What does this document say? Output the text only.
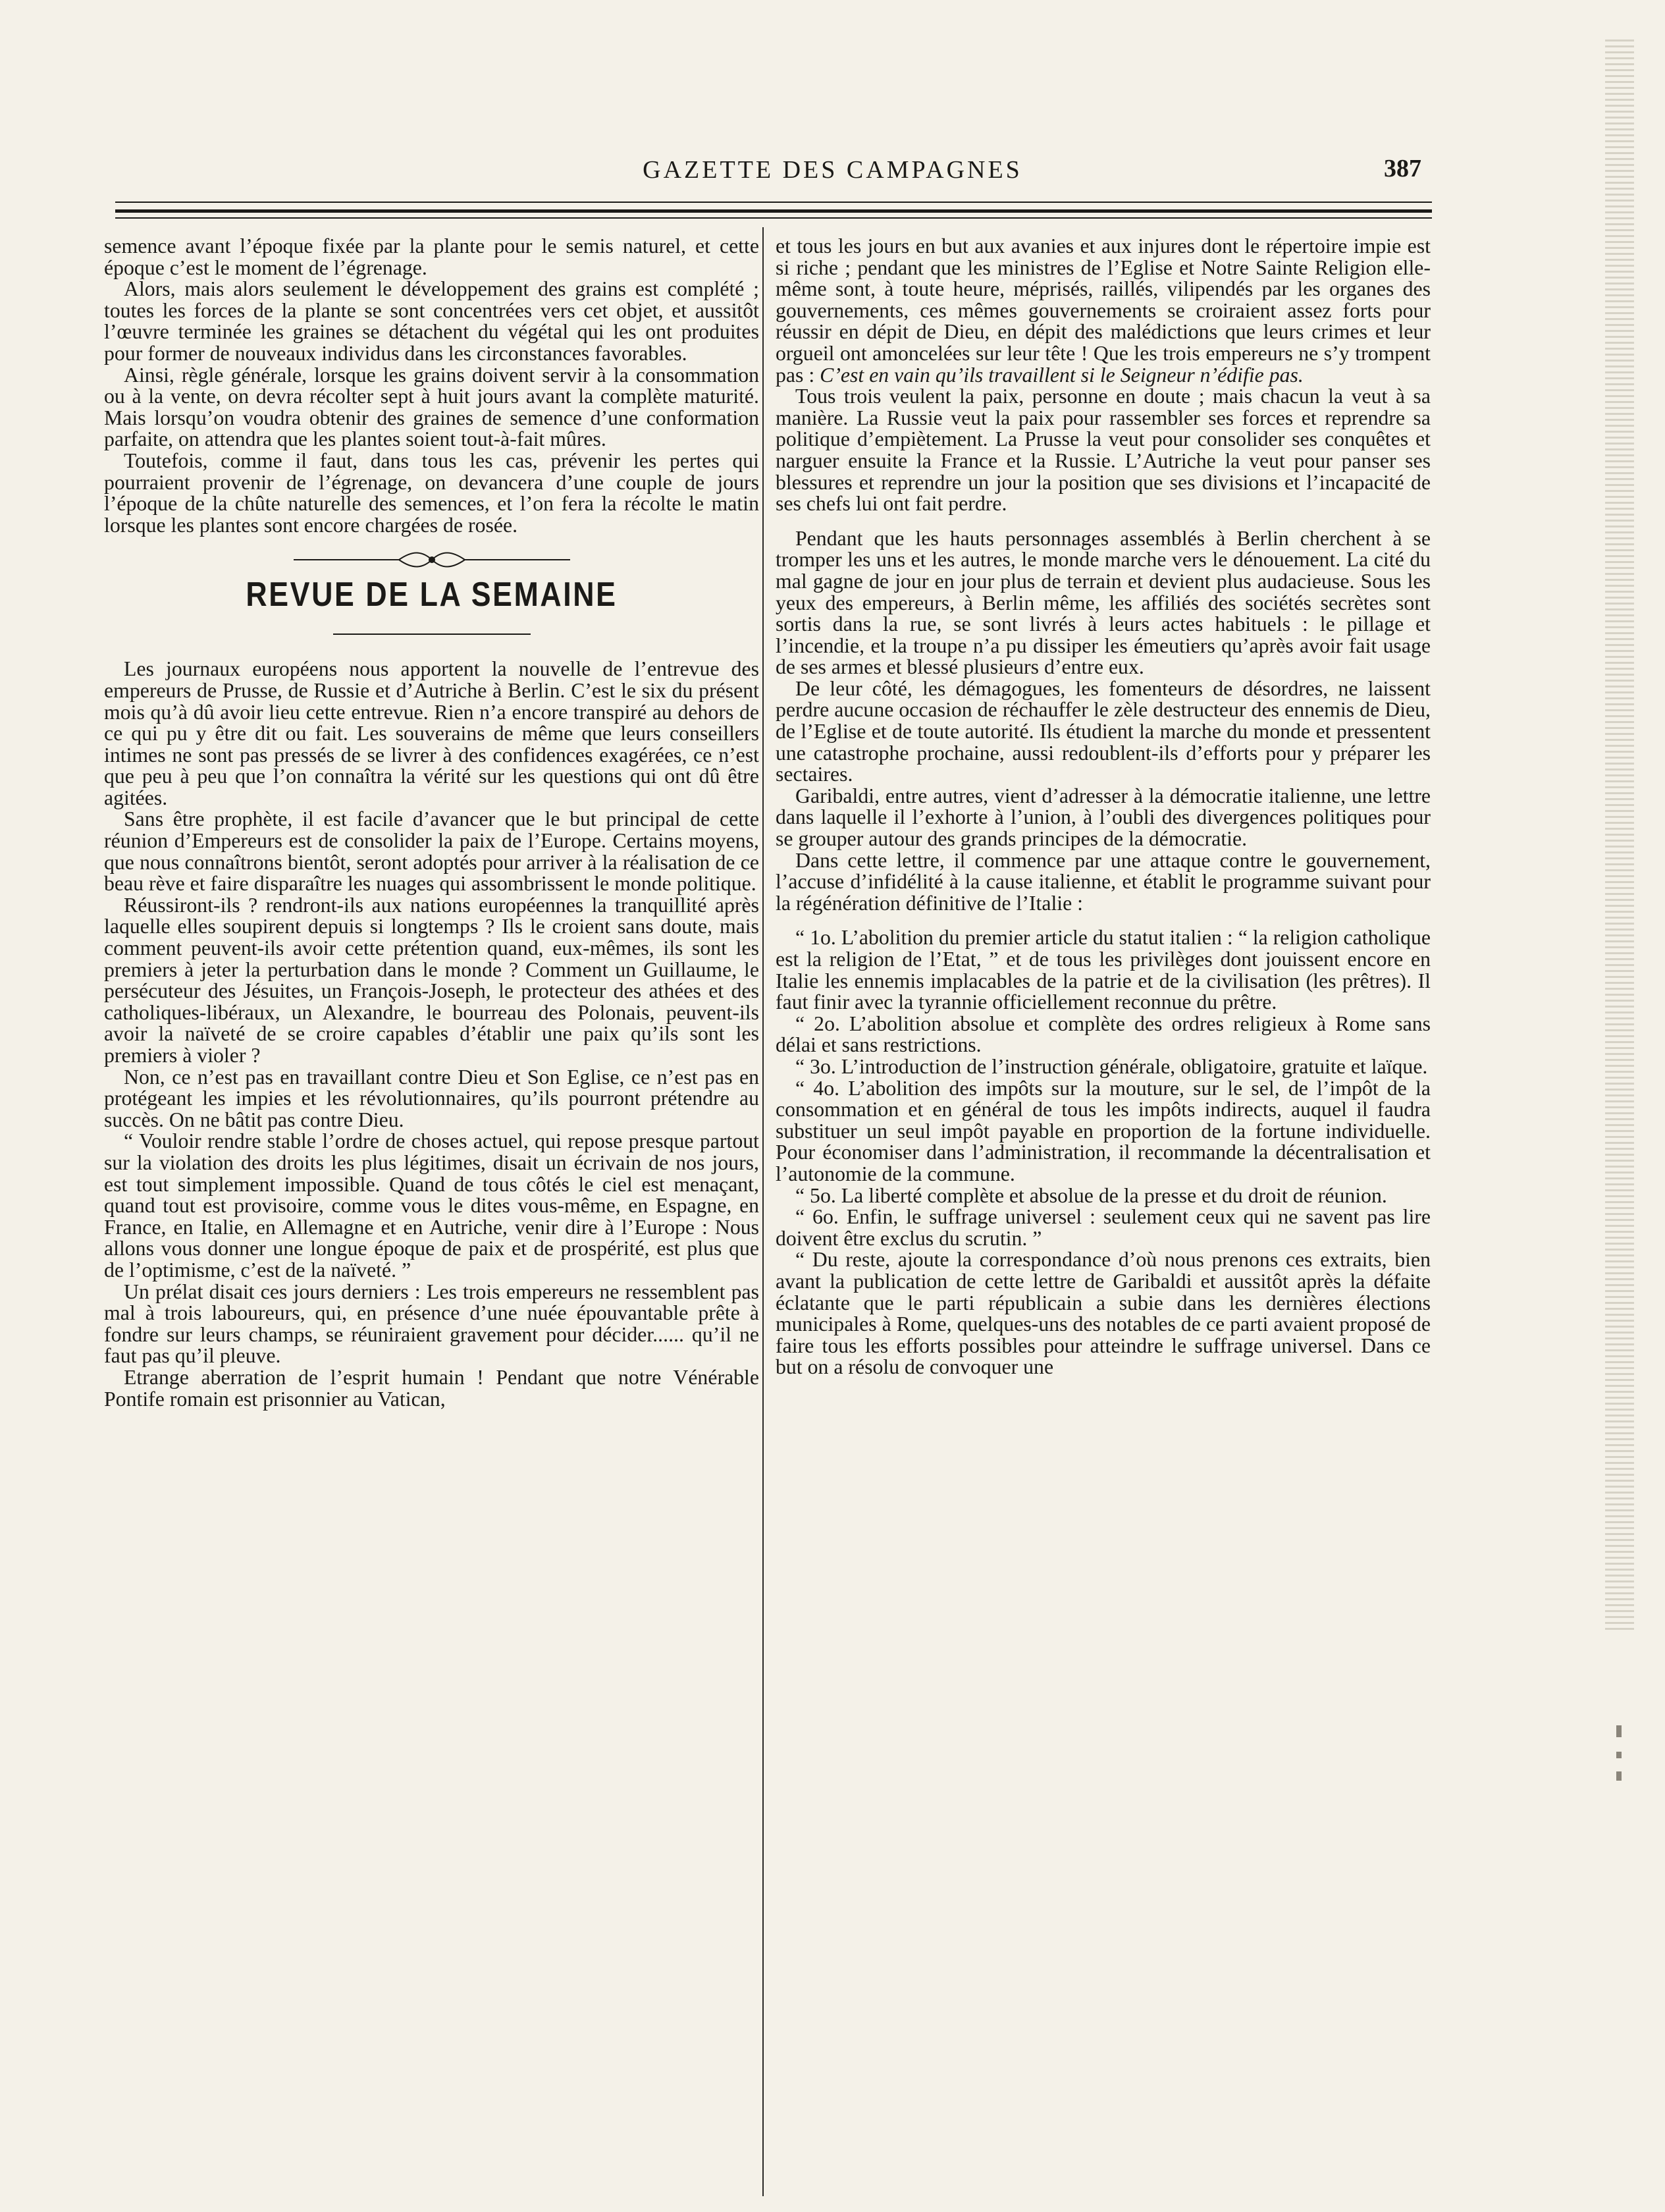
GAZETTE DES CAMPAGNES	387

semence avant l’époque fixée par la plante pour le semis naturel, et cette époque c’est le moment de l’égrenage.

Alors, mais alors seulement le développement des grains est complété ; toutes les forces de la plante se sont concentrées vers cet objet, et aussitôt l’œuvre terminée les graines se détachent du végétal qui les ont produites pour former de nouveaux individus dans les circonstances favorables.

Ainsi, règle générale, lorsque les grains doivent servir à la consommation ou à la vente, on devra récolter sept à huit jours avant la complète maturité. Mais lorsqu’on voudra obtenir des graines de semence d’une conformation parfaite, on attendra que les plantes soient tout-à-fait mûres.

Toutefois, comme il faut, dans tous les cas, prévenir les pertes qui pourraient provenir de l’égrenage, on devancera d’une couple de jours l’époque de la chûte naturelle des semences, et l’on fera la récolte le matin lorsque les plantes sont encore chargées de rosée.

REVUE DE LA SEMAINE

Les journaux européens nous apportent la nouvelle de l’entrevue des empereurs de Prusse, de Russie et d’Autriche à Berlin. C’est le six du présent mois qu’à dû avoir lieu cette entrevue. Rien n’a encore transpiré au dehors de ce qui pu y être dit ou fait. Les souverains de même que leurs conseillers intimes ne sont pas pressés de se livrer à des confidences exagérées, ce n’est que peu à peu que l’on connaîtra la vérité sur les questions qui ont dû être agitées.

Sans être prophète, il est facile d’avancer que le but principal de cette réunion d’Empereurs est de consolider la paix de l’Europe. Certains moyens, que nous connaîtrons bientôt, seront adoptés pour arriver à la réalisation de ce beau rève et faire disparaître les nuages qui assombrissent le monde politique.

Réussiront-ils ? rendront-ils aux nations européennes la tranquillité après laquelle elles soupirent depuis si longtemps ? Ils le croient sans doute, mais comment peuvent-ils avoir cette prétention quand, eux-mêmes, ils sont les premiers à jeter la perturbation dans le monde ? Comment un Guillaume, le persécuteur des Jésuites, un François-Joseph, le protecteur des athées et des catholiques-libéraux, un Alexandre, le bourreau des Polonais, peuvent-ils avoir la naïveté de se croire capables d’établir une paix qu’ils sont les premiers à violer ?

Non, ce n’est pas en travaillant contre Dieu et Son Eglise, ce n’est pas en protégeant les impies et les révolutionnaires, qu’ils pourront prétendre au succès. On ne bâtit pas contre Dieu.

“ Vouloir rendre stable l’ordre de choses actuel, qui repose presque partout sur la violation des droits les plus légitimes, disait un écrivain de nos jours, est tout simplement impossible. Quand de tous côtés le ciel est menaçant, quand tout est provisoire, comme vous le dites vous-même, en Espagne, en France, en Italie, en Allemagne et en Autriche, venir dire à l’Europe : Nous allons vous donner une longue époque de paix et de prospérité, est plus que de l’optimisme, c’est de la naïveté. ”

Un prélat disait ces jours derniers : Les trois empereurs ne ressemblent pas mal à trois laboureurs, qui, en présence d’une nuée épouvantable prête à fondre sur leurs champs, se réuniraient gravement pour décider...... qu’il ne faut pas qu’il pleuve.

Etrange aberration de l’esprit humain ! Pendant que notre Vénérable Pontife romain est prisonnier au Vatican,

et tous les jours en but aux avanies et aux injures dont le répertoire impie est si riche ; pendant que les ministres de l’Eglise et Notre Sainte Religion elle-même sont, à toute heure, méprisés, raillés, vilipendés par les organes des gouvernements, ces mêmes gouvernements se croiraient assez forts pour réussir en dépit de Dieu, en dépit des malédictions que leurs crimes et leur orgueil ont amoncelées sur leur tête ! Que les trois empereurs ne s’y trompent pas : C’est en vain qu’ils travaillent si le Seigneur n’édifie pas.

Tous trois veulent la paix, personne en doute ; mais chacun la veut à sa manière. La Russie veut la paix pour rassembler ses forces et reprendre sa politique d’empiètement. La Prusse la veut pour consolider ses conquêtes et narguer ensuite la France et la Russie. L’Autriche la veut pour panser ses blessures et reprendre un jour la position que ses divisions et l’incapacité de ses chefs lui ont fait perdre.

Pendant que les hauts personnages assemblés à Berlin cherchent à se tromper les uns et les autres, le monde marche vers le dénouement. La cité du mal gagne de jour en jour plus de terrain et devient plus audacieuse. Sous les yeux des empereurs, à Berlin même, les affiliés des sociétés secrètes sont sortis dans la rue, se sont livrés à leurs actes habituels : le pillage et l’incendie, et la troupe n’a pu dissiper les émeutiers qu’après avoir fait usage de ses armes et blessé plusieurs d’entre eux.

De leur côté, les démagogues, les fomenteurs de désordres, ne laissent perdre aucune occasion de réchauffer le zèle destructeur des ennemis de Dieu, de l’Eglise et de toute autorité. Ils étudient la marche du monde et pressentent une catastrophe prochaine, aussi redoublent-ils d’efforts pour y préparer les sectaires.

Garibaldi, entre autres, vient d’adresser à la démocratie italienne, une lettre dans laquelle il l’exhorte à l’union, à l’oubli des divergences politiques pour se grouper autour des grands principes de la démocratie.

Dans cette lettre, il commence par une attaque contre le gouvernement, l’accuse d’infidélité à la cause italienne, et établit le programme suivant pour la régénération définitive de l’Italie :

“ 1o. L’abolition du premier article du statut italien : “ la religion catholique est la religion de l’Etat, ” et de tous les privilèges dont jouissent encore en Italie les ennemis implacables de la patrie et de la civilisation (les prêtres). Il faut finir avec la tyrannie officiellement reconnue du prêtre.

“ 2o. L’abolition absolue et complète des ordres religieux à Rome sans délai et sans restrictions.

“ 3o. L’introduction de l’instruction générale, obligatoire, gratuite et laïque.

“ 4o. L’abolition des impôts sur la mouture, sur le sel, de l’impôt de la consommation et en général de tous les impôts indirects, auquel il faudra substituer un seul impôt payable en proportion de la fortune individuelle. Pour économiser dans l’administration, il recommande la décentralisation et l’autonomie de la commune.

“ 5o. La liberté complète et absolue de la presse et du droit de réunion.

“ 6o. Enfin, le suffrage universel : seulement ceux qui ne savent pas lire doivent être exclus du scrutin. ”

“ Du reste, ajoute la correspondance d’où nous prenons ces extraits, bien avant la publication de cette lettre de Garibaldi et aussitôt après la défaite éclatante que le parti républicain a subie dans les dernières élections municipales à Rome, quelques-uns des notables de ce parti avaient proposé de faire tous les efforts possibles pour atteindre le suffrage universel. Dans ce but on a résolu de convoquer une
